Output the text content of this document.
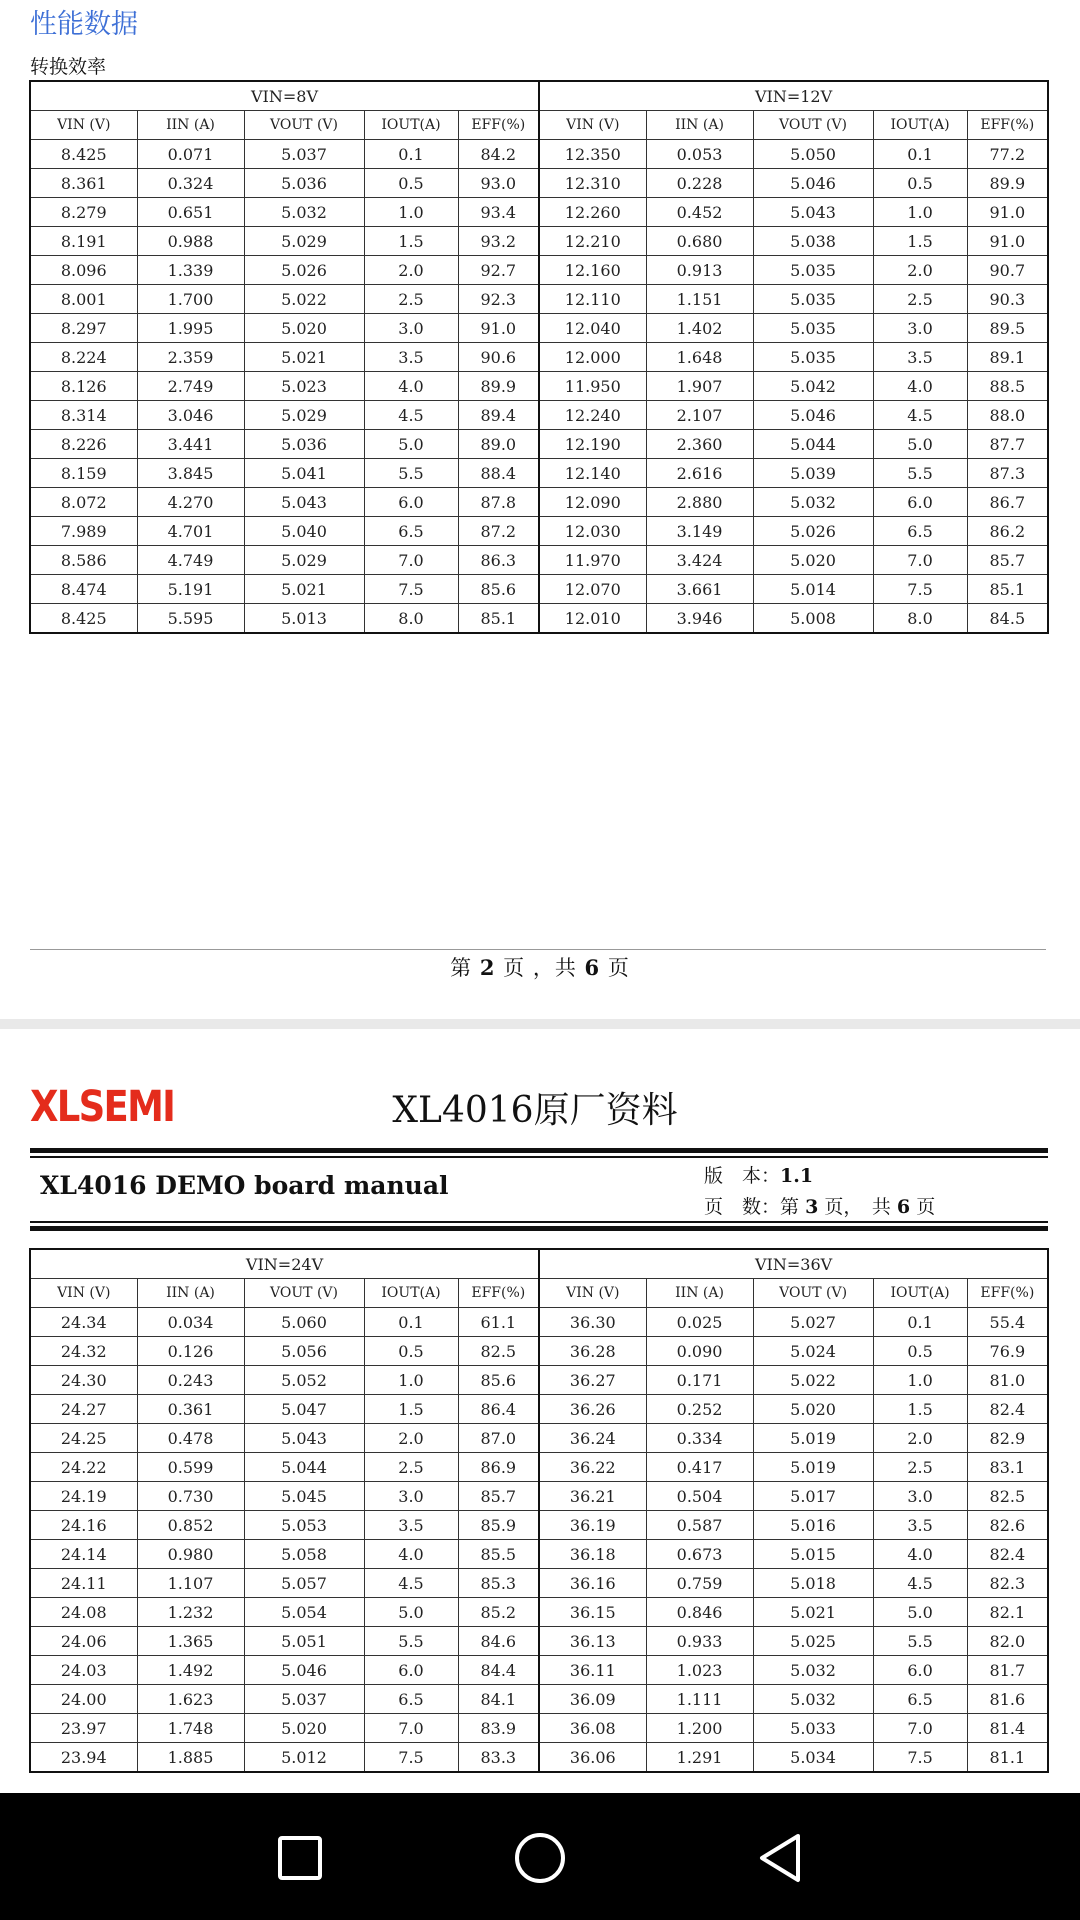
性能数据
转换效率
VIN=8V					VIN=12V				
VIN (V)	IIN (A)	VOUT (V)	IOUT(A)	EFF(%)	VIN (V)	IIN (A)	VOUT (V)	IOUT(A)	EFF(%)
8.425	0.071	5.037	0.1	84.2	12.350	0.053	5.050	0.1	77.2
8.361	0.324	5.036	0.5	93.0	12.310	0.228	5.046	0.5	89.9
8.279	0.651	5.032	1.0	93.4	12.260	0.452	5.043	1.0	91.0
8.191	0.988	5.029	1.5	93.2	12.210	0.680	5.038	1.5	91.0
8.096	1.339	5.026	2.0	92.7	12.160	0.913	5.035	2.0	90.7
8.001	1.700	5.022	2.5	92.3	12.110	1.151	5.035	2.5	90.3
8.297	1.995	5.020	3.0	91.0	12.040	1.402	5.035	3.0	89.5
8.224	2.359	5.021	3.5	90.6	12.000	1.648	5.035	3.5	89.1
8.126	2.749	5.023	4.0	89.9	11.950	1.907	5.042	4.0	88.5
8.314	3.046	5.029	4.5	89.4	12.240	2.107	5.046	4.5	88.0
8.226	3.441	5.036	5.0	89.0	12.190	2.360	5.044	5.0	87.7
8.159	3.845	5.041	5.5	88.4	12.140	2.616	5.039	5.5	87.3
8.072	4.270	5.043	6.0	87.8	12.090	2.880	5.032	6.0	86.7
7.989	4.701	5.040	6.5	87.2	12.030	3.149	5.026	6.5	86.2
8.586	4.749	5.029	7.0	86.3	11.970	3.424	5.020	7.0	85.7
8.474	5.191	5.021	7.5	85.6	12.070	3.661	5.014	7.5	85.1
8.425	5.595	5.013	8.0	85.1	12.010	3.946	5.008	8.0	84.5
第 2 页 ，共 6 页
XLSEMI	XL4016原厂资料
XL4016 DEMO board manual	版　本：1.1
页　数：第 3 页，　共 6 页
VIN=24V					VIN=36V				
VIN (V)	IIN (A)	VOUT (V)	IOUT(A)	EFF(%)	VIN (V)	IIN (A)	VOUT (V)	IOUT(A)	EFF(%)
24.34	0.034	5.060	0.1	61.1	36.30	0.025	5.027	0.1	55.4
24.32	0.126	5.056	0.5	82.5	36.28	0.090	5.024	0.5	76.9
24.30	0.243	5.052	1.0	85.6	36.27	0.171	5.022	1.0	81.0
24.27	0.361	5.047	1.5	86.4	36.26	0.252	5.020	1.5	82.4
24.25	0.478	5.043	2.0	87.0	36.24	0.334	5.019	2.0	82.9
24.22	0.599	5.044	2.5	86.9	36.22	0.417	5.019	2.5	83.1
24.19	0.730	5.045	3.0	85.7	36.21	0.504	5.017	3.0	82.5
24.16	0.852	5.053	3.5	85.9	36.19	0.587	5.016	3.5	82.6
24.14	0.980	5.058	4.0	85.5	36.18	0.673	5.015	4.0	82.4
24.11	1.107	5.057	4.5	85.3	36.16	0.759	5.018	4.5	82.3
24.08	1.232	5.054	5.0	85.2	36.15	0.846	5.021	5.0	82.1
24.06	1.365	5.051	5.5	84.6	36.13	0.933	5.025	5.5	82.0
24.03	1.492	5.046	6.0	84.4	36.11	1.023	5.032	6.0	81.7
24.00	1.623	5.037	6.5	84.1	36.09	1.111	5.032	6.5	81.6
23.97	1.748	5.020	7.0	83.9	36.08	1.200	5.033	7.0	81.4
23.94	1.885	5.012	7.5	83.3	36.06	1.291	5.034	7.5	81.1
